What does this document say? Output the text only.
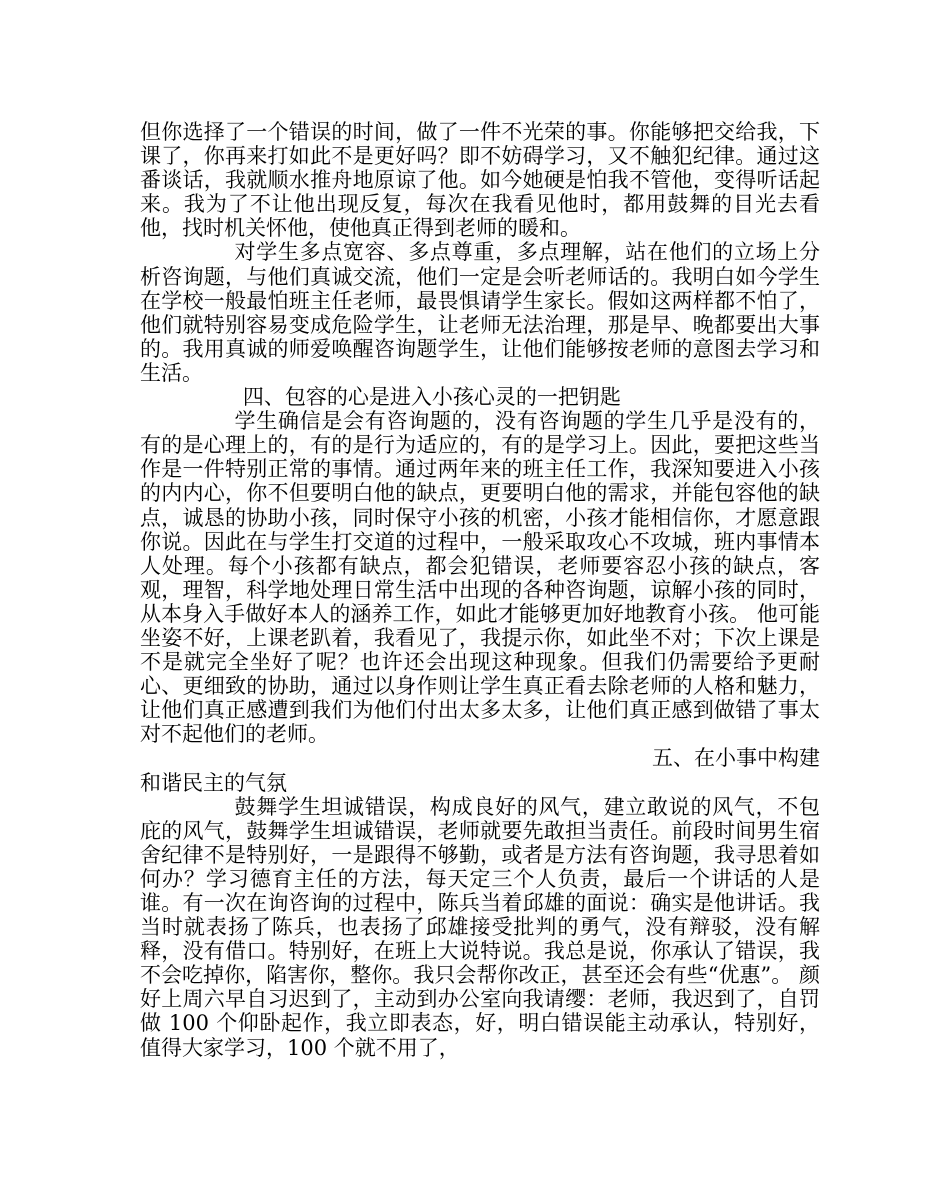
但你选择了一个错误的时间，做了一件不光荣的事。你能够把交给我，下课了，你再来打如此不是更好吗？即不妨碍学习，又不触犯纪律。通过这番谈话，我就顺水推舟地原谅了他。如今她硬是怕我不管他，变得听话起来。我为了不让他出现反复，每次在我看见他时，都用鼓舞的目光去看他，找时机关怀他，使他真正得到老师的暖和。

对学生多点宽容、多点尊重，多点理解，站在他们的立场上分析咨询题，与他们真诚交流，他们一定是会听老师话的。我明白如今学生在学校一般最怕班主任老师，最畏惧请学生家长。假如这两样都不怕了，他们就特别容易变成危险学生，让老师无法治理，那是早、晚都要出大事的。我用真诚的师爱唤醒咨询题学生，让他们能够按老师的意图去学习和生活。

四、包容的心是进入小孩心灵的一把钥匙

学生确信是会有咨询题的，没有咨询题的学生几乎是没有的，有的是心理上的，有的是行为适应的，有的是学习上。因此，要把这些当作是一件特别正常的事情。通过两年来的班主任工作，我深知要进入小孩的内内心，你不但要明白他的缺点，更要明白他的需求，并能包容他的缺点，诚恳的协助小孩，同时保守小孩的机密，小孩才能相信你，才愿意跟你说。因此在与学生打交道的过程中，一般采取攻心不攻城，班内事情本人处理。每个小孩都有缺点，都会犯错误，老师要容忍小孩的缺点，客观，理智，科学地处理日常生活中出现的各种咨询题，谅解小孩的同时，从本身入手做好本人的涵养工作，如此才能够更加好地教育小孩。 他可能坐姿不好，上课老趴着，我看见了，我提示你，如此坐不对；下次上课是不是就完全坐好了呢？也许还会出现这种现象。但我们仍需要给予更耐心、更细致的协助，通过以身作则让学生真正看去除老师的人格和魅力，让他们真正感遭到我们为他们付出太多太多，让他们真正感到做错了事太对不起他们的老师。

五、在小事中构建

和谐民主的气氛

鼓舞学生坦诚错误，构成良好的风气，建立敢说的风气，不包庇的风气，鼓舞学生坦诚错误，老师就要先敢担当责任。前段时间男生宿舍纪律不是特别好，一是跟得不够勤，或者是方法有咨询题，我寻思着如何办？学习德育主任的方法，每天定三个人负责，最后一个讲话的人是谁。有一次在询咨询的过程中，陈兵当着邱雄的面说：确实是他讲话。我当时就表扬了陈兵，也表扬了邱雄接受批判的勇气，没有辩驳，没有解释，没有借口。特别好，在班上大说特说。我总是说，你承认了错误，我不会吃掉你，陷害你，整你。我只会帮你改正，甚至还会有些“优惠”。 颜好上周六早自习迟到了，主动到办公室向我请缨：老师，我迟到了，自罚做 100 个仰卧起作，我立即表态，好，明白错误能主动承认，特别好，值得大家学习，100 个就不用了，
